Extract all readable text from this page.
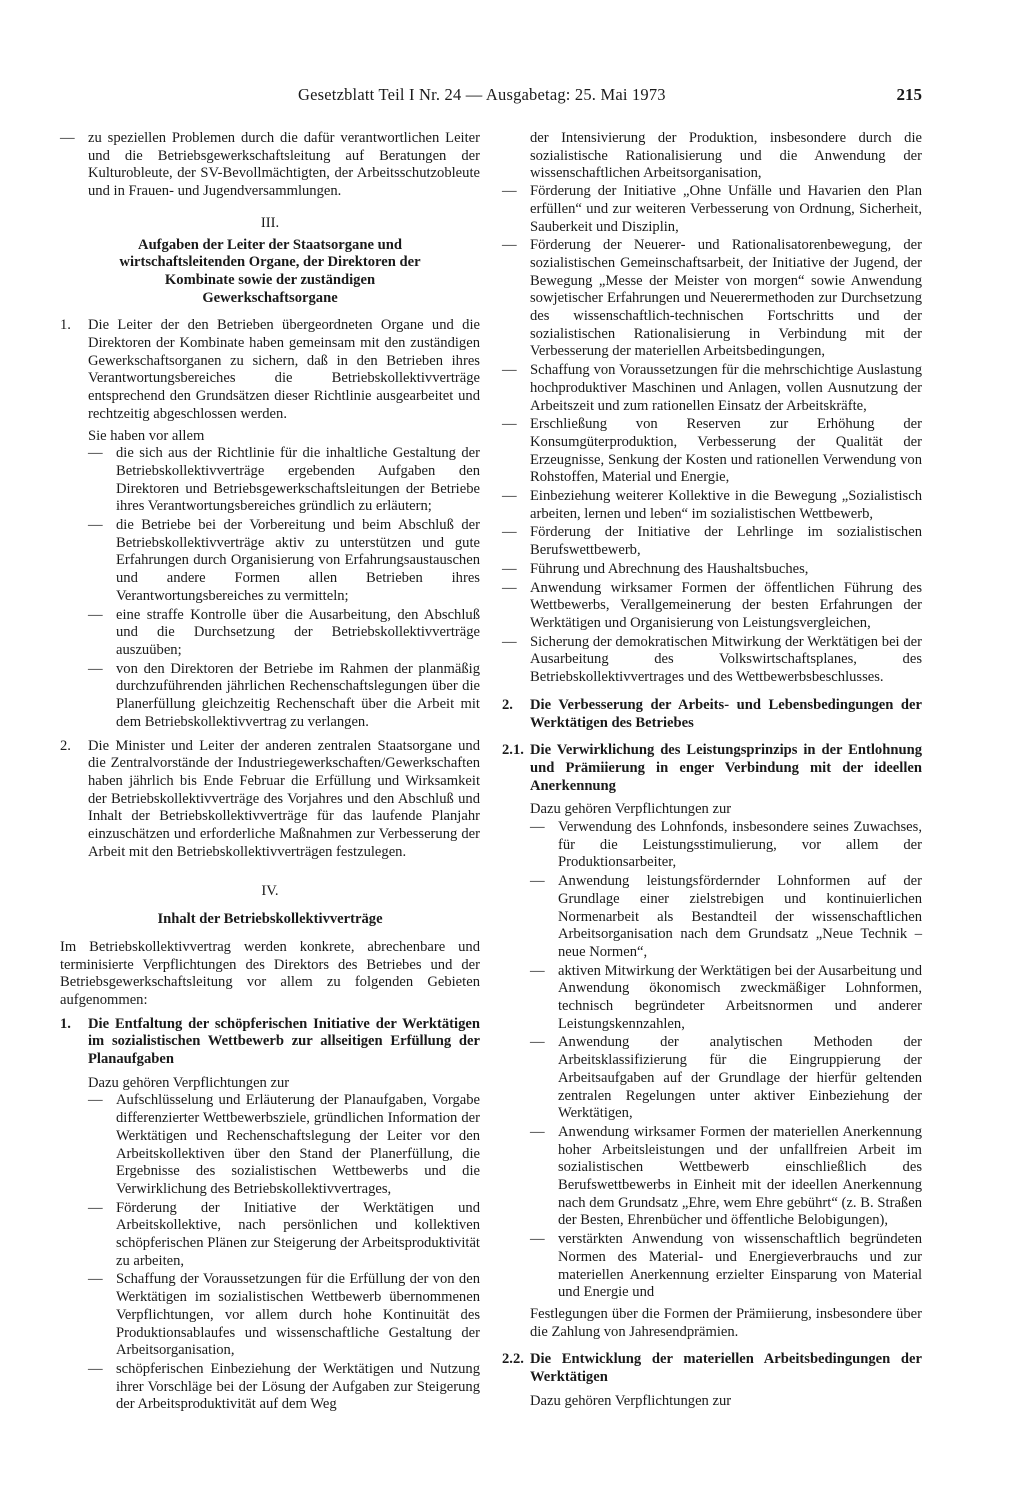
Gesetzblatt Teil I Nr. 24 — Ausgabetag: 25. Mai 1973	215

— zu speziellen Problemen durch die dafür verantwortlichen Leiter und die Betriebsgewerkschaftsleitung auf Beratungen der Kulturobleute, der SV-Bevollmächtigten, der Arbeitsschutzobleute und in Frauen- und Jugendversammlungen.

III.

Aufgaben der Leiter der Staatsorgane und wirtschaftsleitenden Organe, der Direktoren der Kombinate sowie der zuständigen Gewerkschaftsorgane

1. Die Leiter der den Betrieben übergeordneten Organe und die Direktoren der Kombinate haben gemeinsam mit den zuständigen Gewerkschaftsorganen zu sichern, daß in den Betrieben ihres Verantwortungsbereiches die Betriebskollektivverträge entsprechend den Grundsätzen dieser Richtlinie ausgearbeitet und rechtzeitig abgeschlossen werden.

Sie haben vor allem

— die sich aus der Richtlinie für die inhaltliche Gestaltung der Betriebskollektivverträge ergebenden Aufgaben den Direktoren und Betriebsgewerkschaftsleitungen der Betriebe ihres Verantwortungsbereiches gründlich zu erläutern;

— die Betriebe bei der Vorbereitung und beim Abschluß der Betriebskollektivverträge aktiv zu unterstützen und gute Erfahrungen durch Organisierung von Erfahrungsaustauschen und andere Formen allen Betrieben ihres Verantwortungsbereiches zu vermitteln;

— eine straffe Kontrolle über die Ausarbeitung, den Abschluß und die Durchsetzung der Betriebskollektivverträge auszuüben;

— von den Direktoren der Betriebe im Rahmen der planmäßig durchzuführenden jährlichen Rechenschaftslegungen über die Planerfüllung gleichzeitig Rechenschaft über die Arbeit mit dem Betriebskollektivvertrag zu verlangen.

2. Die Minister und Leiter der anderen zentralen Staatsorgane und die Zentralvorstände der Industriegewerkschaften/Gewerkschaften haben jährlich bis Ende Februar die Erfüllung und Wirksamkeit der Betriebskollektivverträge des Vorjahres und den Abschluß und Inhalt der Betriebskollektivverträge für das laufende Planjahr einzuschätzen und erforderliche Maßnahmen zur Verbesserung der Arbeit mit den Betriebskollektivverträgen festzulegen.

IV.

Inhalt der Betriebskollektivverträge

Im Betriebskollektivvertrag werden konkrete, abrechenbare und terminisierte Verpflichtungen des Direktors des Betriebes und der Betriebsgewerkschaftsleitung vor allem zu folgenden Gebieten aufgenommen:

1. Die Entfaltung der schöpferischen Initiative der Werktätigen im sozialistischen Wettbewerb zur allseitigen Erfüllung der Planaufgaben

Dazu gehören Verpflichtungen zur

— Aufschlüsselung und Erläuterung der Planaufgaben, Vorgabe differenzierter Wettbewerbsziele, gründlichen Information der Werktätigen und Rechenschaftslegung der Leiter vor den Arbeitskollektiven über den Stand der Planerfüllung, die Ergebnisse des sozialistischen Wettbewerbs und die Verwirklichung des Betriebskollektivvertrages,

— Förderung der Initiative der Werktätigen und Arbeitskollektive, nach persönlichen und kollektiven schöpferischen Plänen zur Steigerung der Arbeitsproduktivität zu arbeiten,

— Schaffung der Voraussetzungen für die Erfüllung der von den Werktätigen im sozialistischen Wettbewerb übernommenen Verpflichtungen, vor allem durch hohe Kontinuität des Produktionsablaufes und wissenschaftliche Gestaltung der Arbeitsorganisation,

— schöpferischen Einbeziehung der Werktätigen und Nutzung ihrer Vorschläge bei der Lösung der Aufgaben zur Steigerung der Arbeitsproduktivität auf dem Weg

der Intensivierung der Produktion, insbesondere durch die sozialistische Rationalisierung und die Anwendung der wissenschaftlichen Arbeitsorganisation,

— Förderung der Initiative „Ohne Unfälle und Havarien den Plan erfüllen“ und zur weiteren Verbesserung von Ordnung, Sicherheit, Sauberkeit und Disziplin,

— Förderung der Neuerer- und Rationalisatorenbewegung, der sozialistischen Gemeinschaftsarbeit, der Initiative der Jugend, der Bewegung „Messe der Meister von morgen“ sowie Anwendung sowjetischer Erfahrungen und Neuerermethoden zur Durchsetzung des wissenschaftlich-technischen Fortschritts und der sozialistischen Rationalisierung in Verbindung mit der Verbesserung der materiellen Arbeitsbedingungen,

— Schaffung von Voraussetzungen für die mehrschichtige Auslastung hochproduktiver Maschinen und Anlagen, vollen Ausnutzung der Arbeitszeit und zum rationellen Einsatz der Arbeitskräfte,

— Erschließung von Reserven zur Erhöhung der Konsumgüterproduktion, Verbesserung der Qualität der Erzeugnisse, Senkung der Kosten und rationellen Verwendung von Rohstoffen, Material und Energie,

— Einbeziehung weiterer Kollektive in die Bewegung „Sozialistisch arbeiten, lernen und leben“ im sozialistischen Wettbewerb,

— Förderung der Initiative der Lehrlinge im sozialistischen Berufswettbewerb,

— Führung und Abrechnung des Haushaltsbuches,

— Anwendung wirksamer Formen der öffentlichen Führung des Wettbewerbs, Verallgemeinerung der besten Erfahrungen der Werktätigen und Organisierung von Leistungsvergleichen,

— Sicherung der demokratischen Mitwirkung der Werktätigen bei der Ausarbeitung des Volkswirtschaftsplanes, des Betriebskollektivvertrages und des Wettbewerbsbeschlusses.

2. Die Verbesserung der Arbeits- und Lebensbedingungen der Werktätigen des Betriebes

2.1. Die Verwirklichung des Leistungsprinzips in der Entlohnung und Prämiierung in enger Verbindung mit der ideellen Anerkennung

Dazu gehören Verpflichtungen zur

— Verwendung des Lohnfonds, insbesondere seines Zuwachses, für die Leistungsstimulierung, vor allem der Produktionsarbeiter,

— Anwendung leistungsfördernder Lohnformen auf der Grundlage einer zielstrebigen und kontinuierlichen Normenarbeit als Bestandteil der wissenschaftlichen Arbeitsorganisation nach dem Grundsatz „Neue Technik – neue Normen“,

— aktiven Mitwirkung der Werktätigen bei der Ausarbeitung und Anwendung ökonomisch zweckmäßiger Lohnformen, technisch begründeter Arbeitsnormen und anderer Leistungskennzahlen,

— Anwendung der analytischen Methoden der Arbeitsklassifizierung für die Eingruppierung der Arbeitsaufgaben auf der Grundlage der hierfür geltenden zentralen Regelungen unter aktiver Einbeziehung der Werktätigen,

— Anwendung wirksamer Formen der materiellen Anerkennung hoher Arbeitsleistungen und der unfallfreien Arbeit im sozialistischen Wettbewerb einschließlich des Berufswettbewerbs in Einheit mit der ideellen Anerkennung nach dem Grundsatz „Ehre, wem Ehre gebührt“ (z. B. Straßen der Besten, Ehrenbücher und öffentliche Belobigungen),

— verstärkten Anwendung von wissenschaftlich begründeten Normen des Material- und Energieverbrauchs und zur materiellen Anerkennung erzielter Einsparung von Material und Energie und

Festlegungen über die Formen der Prämiierung, insbesondere über die Zahlung von Jahresendprämien.

2.2. Die Entwicklung der materiellen Arbeitsbedingungen der Werktätigen

Dazu gehören Verpflichtungen zur
